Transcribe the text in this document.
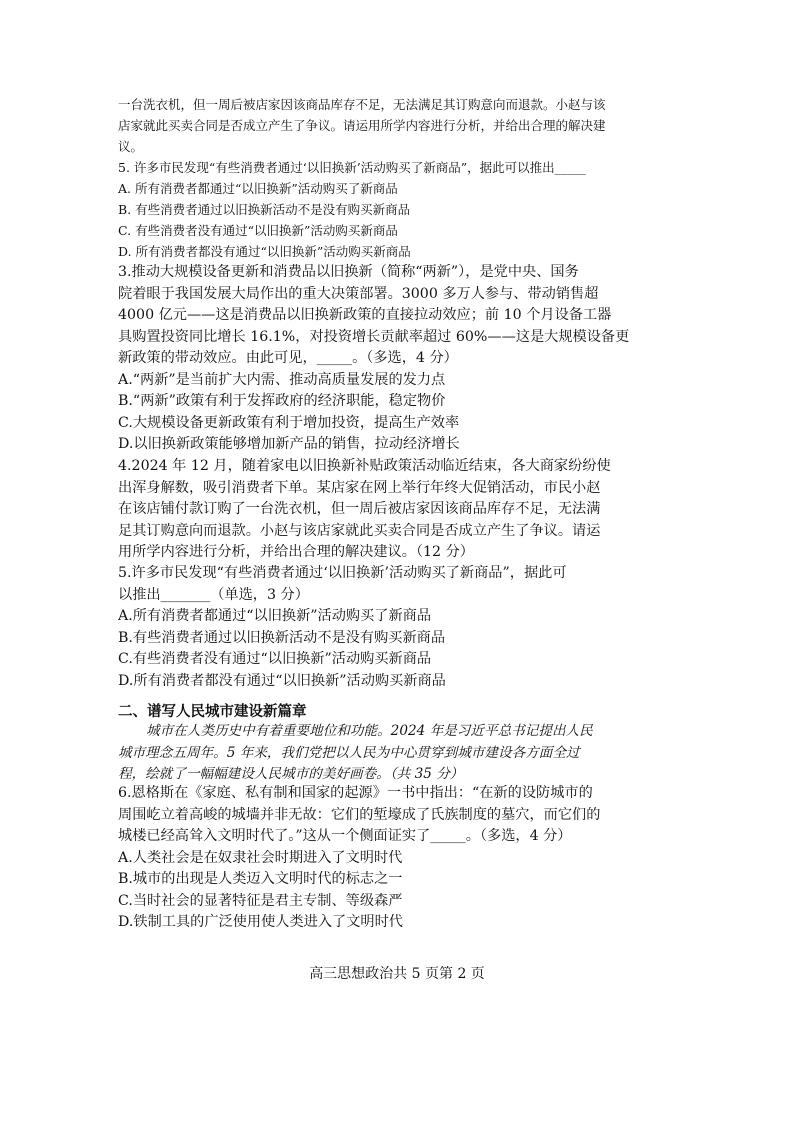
一台洗衣机，但一周后被店家因该商品库存不足，无法满足其订购意向而退款。小赵与该
店家就此买卖合同是否成立产生了争议。请运用所学内容进行分析，并给出合理的解决建
议。
5. 许多市民发现“有些消费者通过‘以旧换新’活动购买了新商品”，据此可以推出_____
A. 所有消费者都通过“以旧换新”活动购买了新商品
B. 有些消费者通过以旧换新活动不是没有购买新商品
C. 有些消费者没有通过“以旧换新”活动购买新商品
D. 所有消费者都没有通过“以旧换新”活动购买新商品
3.推动大规模设备更新和消费品以旧换新（简称“两新”），是党中央、国务
院着眼于我国发展大局作出的重大决策部署。3000 多万人参与、带动销售超
4000 亿元——这是消费品以旧换新政策的直接拉动效应；前 10 个月设备工器
具购置投资同比增长 16.1%，对投资增长贡献率超过 60%——这是大规模设备更
新政策的带动效应。由此可见，_____。（多选，4 分）
A.“两新”是当前扩大内需、推动高质量发展的发力点
B.“两新”政策有利于发挥政府的经济职能，稳定物价
C.大规模设备更新政策有利于增加投资，提高生产效率
D.以旧换新政策能够增加新产品的销售，拉动经济增长
4.2024 年 12 月，随着家电以旧换新补贴政策活动临近结束，各大商家纷纷使
出浑身解数，吸引消费者下单。某店家在网上举行年终大促销活动，市民小赵
在该店铺付款订购了一台洗衣机，但一周后被店家因该商品库存不足，无法满
足其订购意向而退款。小赵与该店家就此买卖合同是否成立产生了争议。请运
用所学内容进行分析，并给出合理的解决建议。（12 分）
5.许多市民发现“有些消费者通过‘以旧换新’活动购买了新商品”，据此可
以推出_______（单选，3 分）
A.所有消费者都通过“以旧换新”活动购买了新商品
B.有些消费者通过以旧换新活动不是没有购买新商品
C.有些消费者没有通过“以旧换新”活动购买新商品
D.所有消费者都没有通过“以旧换新”活动购买新商品
二、谱写人民城市建设新篇章
城市在人类历史中有着重要地位和功能。2024 年是习近平总书记提出人民
城市理念五周年。5 年来，我们党把以人民为中心贯穿到城市建设各方面全过
程，绘就了一幅幅建设人民城市的美好画卷。（共 35 分）
6.恩格斯在《家庭、私有制和国家的起源》一书中指出：“在新的设防城市的
周围屹立着高峻的城墙并非无故：它们的堑壕成了氏族制度的墓穴，而它们的
城楼已经高耸入文明时代了。”这从一个侧面证实了_____。（多选，4 分）
A.人类社会是在奴隶社会时期进入了文明时代
B.城市的出现是人类迈入文明时代的标志之一
C.当时社会的显著特征是君主专制、等级森严
D.铁制工具的广泛使用使人类进入了文明时代
高三思想政治共 5 页第 2 页
